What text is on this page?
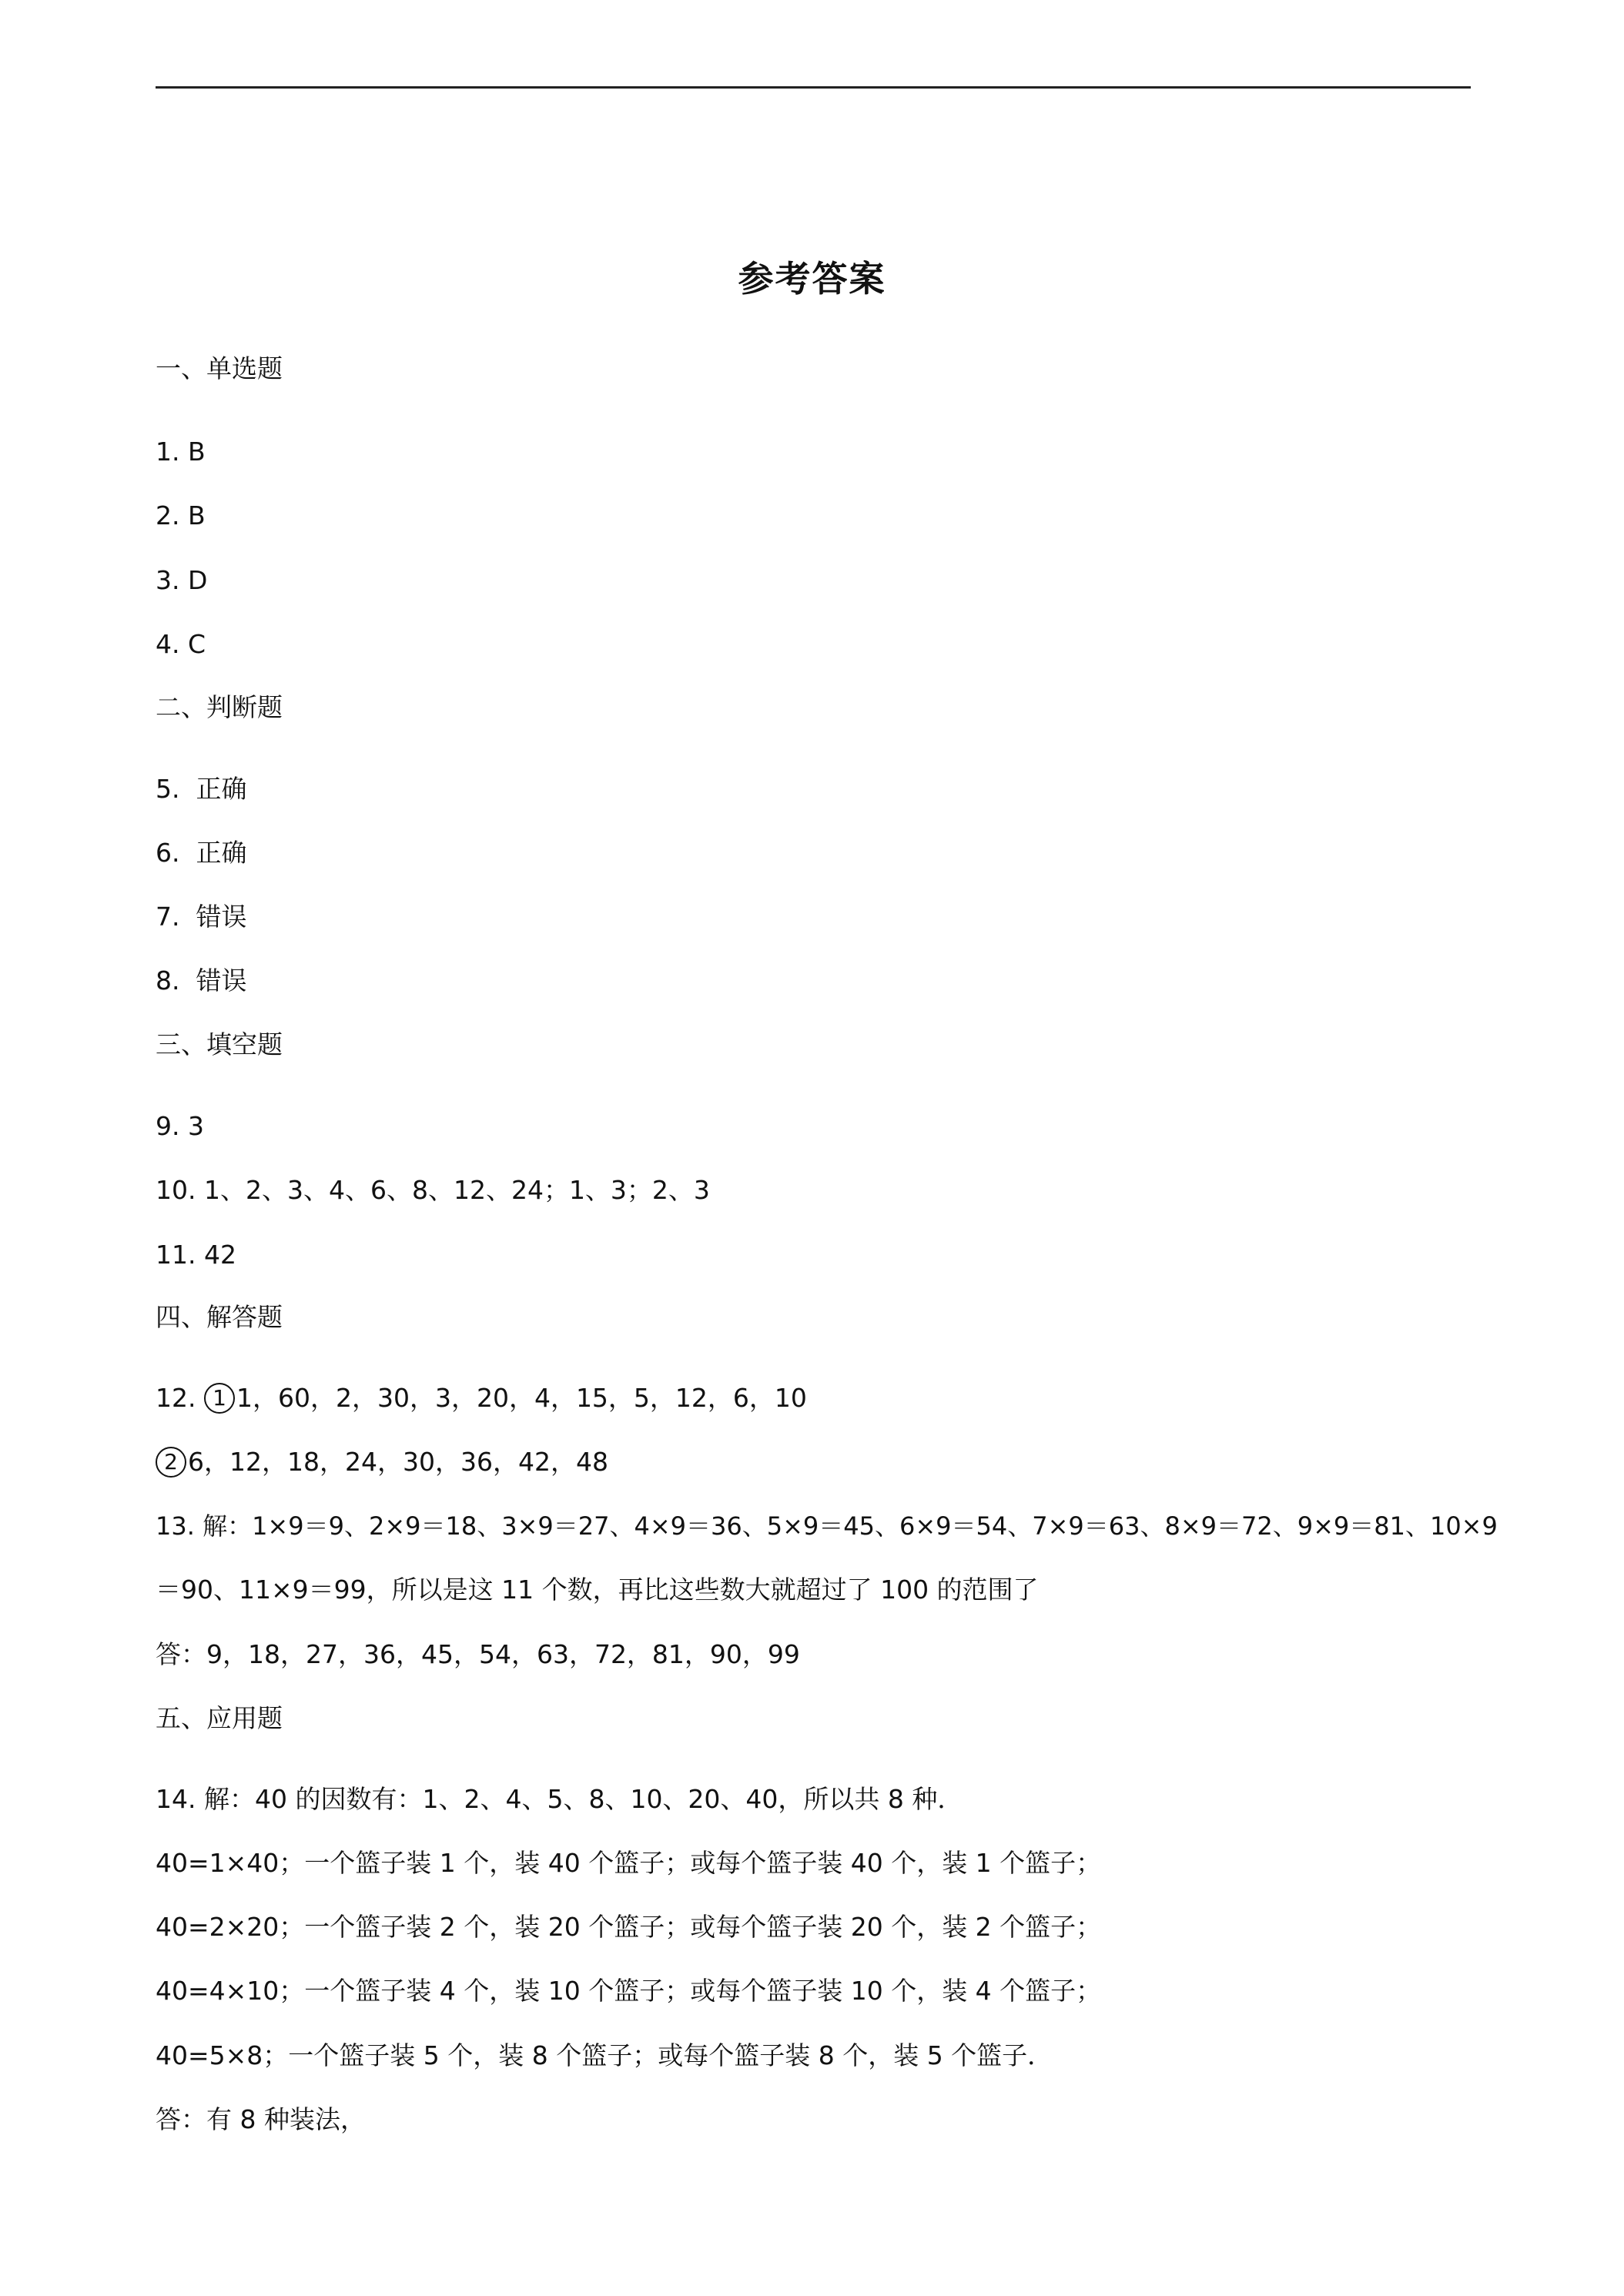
参考答案
一、单选题
1. B
2. B
3. D
4. C
二、判断题
5. 正确
6. 正确
7. 错误
8. 错误
三、填空题
9. 3
10. 1、2、3、4、6、8、12、24；1、3；2、3
11. 42
四、解答题
12. 1 1，60，2，30，3，20，4，15，5，12，6，10
2 6，12，18，24，30，36，42，48
13. 解：1×9＝9、2×9＝18、3×9＝27、4×9＝36、5×9＝45、6×9＝54、7×9＝63、8×9＝72、9×9＝81、10×9
＝90、11×9＝99，所以是这 11 个数，再比这些数大就超过了 100 的范围了
答：9，18，27，36，45，54，63，72，81，90，99
五、应用题
14. 解：40 的因数有：1、2、4、5、8、10、20、40，所以共 8 种．
40=1×40；一个篮子装 1 个，装 40 个篮子；或每个篮子装 40 个，装 1 个篮子；
40=2×20；一个篮子装 2 个，装 20 个篮子；或每个篮子装 20 个，装 2 个篮子；
40=4×10；一个篮子装 4 个，装 10 个篮子；或每个篮子装 10 个，装 4 个篮子；
40=5×8；一个篮子装 5 个，装 8 个篮子；或每个篮子装 8 个，装 5 个篮子．
答：有 8 种装法，
